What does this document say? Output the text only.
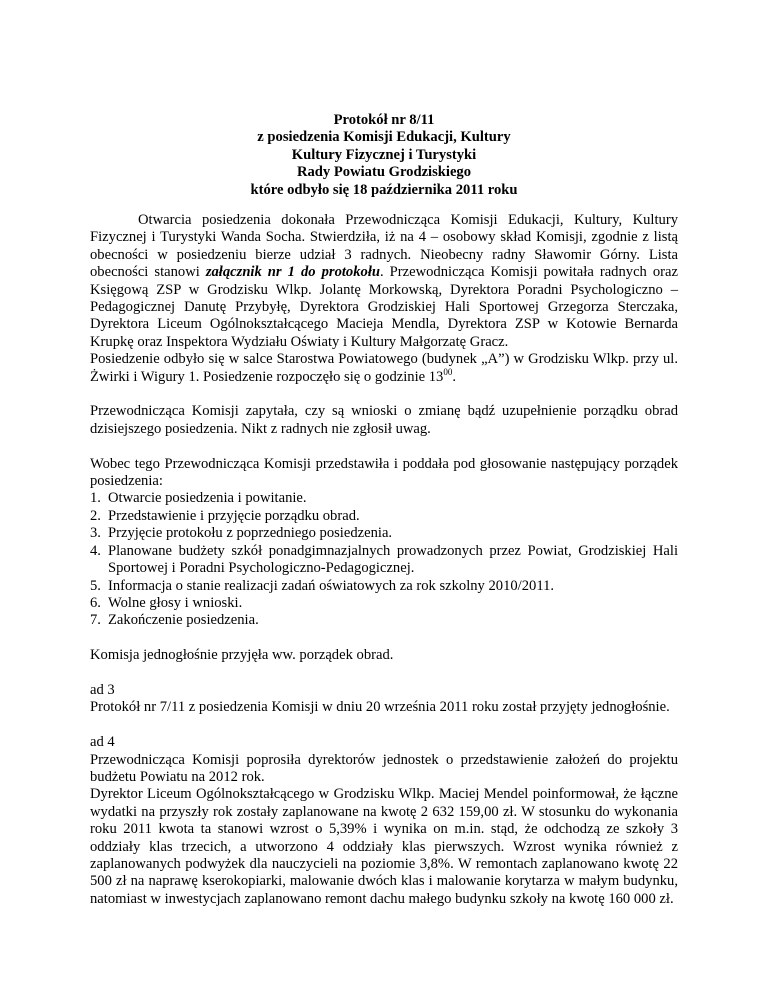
Protokół nr 8/11
z posiedzenia Komisji Edukacji, Kultury
Kultury Fizycznej i Turystyki
Rady Powiatu Grodziskiego
które odbyło się 18 października 2011 roku

Otwarcia posiedzenia dokonała Przewodnicząca Komisji Edukacji, Kultury, Kultury Fizycznej i Turystyki Wanda Socha. Stwierdziła, iż na 4 – osobowy skład Komisji, zgodnie z listą obecności w posiedzeniu bierze udział 3 radnych. Nieobecny radny Sławomir Górny. Lista obecności stanowi załącznik nr 1 do protokołu. Przewodnicząca Komisji powitała radnych oraz Księgową ZSP w Grodzisku Wlkp. Jolantę Morkowską, Dyrektora Poradni Psychologiczno – Pedagogicznej Danutę Przybyłę, Dyrektora Grodziskiej Hali Sportowej Grzegorza Sterczaka, Dyrektora Liceum Ogólnokształcącego Macieja Mendla, Dyrektora ZSP w Kotowie Bernarda Krupkę oraz Inspektora Wydziału Oświaty i Kultury Małgorzatę Gracz.

Posiedzenie odbyło się w salce Starostwa Powiatowego (budynek „A”) w Grodzisku Wlkp. przy ul. Żwirki i Wigury 1. Posiedzenie rozpoczęło się o godzinie $13^{00}$.

Przewodnicząca Komisji zapytała, czy są wnioski o zmianę bądź uzupełnienie porządku obrad dzisiejszego posiedzenia. Nikt z radnych nie zgłosił uwag.

Wobec tego Przewodnicząca Komisji przedstawiła i poddała pod głosowanie następujący porządek posiedzenia:

1. Otwarcie posiedzenia i powitanie.
2. Przedstawienie i przyjęcie porządku obrad.
3. Przyjęcie protokołu z poprzedniego posiedzenia.
4. Planowane budżety szkół ponadgimnazjalnych prowadzonych przez Powiat, Grodziskiej Hali Sportowej i Poradni Psychologiczno-Pedagogicznej.
5. Informacja o stanie realizacji zadań oświatowych za rok szkolny 2010/2011.
6. Wolne głosy i wnioski.
7. Zakończenie posiedzenia.

Komisja jednogłośnie przyjęła ww. porządek obrad.

ad 3

Protokół nr 7/11 z posiedzenia Komisji w dniu 20 września 2011 roku został przyjęty jednogłośnie.

ad 4

Przewodnicząca Komisji poprosiła dyrektorów jednostek o przedstawienie założeń do projektu budżetu Powiatu na 2012 rok.

Dyrektor Liceum Ogólnokształcącego w Grodzisku Wlkp. Maciej Mendel poinformował, że łączne wydatki na przyszły rok zostały zaplanowane na kwotę 2 632 159,00 zł. W stosunku do wykonania roku 2011 kwota ta stanowi wzrost o 5,39% i wynika on m.in. stąd, że odchodzą ze szkoły 3 oddziały klas trzecich, a utworzono 4 oddziały klas pierwszych. Wzrost wynika również z zaplanowanych podwyżek dla nauczycieli na poziomie 3,8%. W remontach zaplanowano kwotę 22 500 zł na naprawę kserokopiarki, malowanie dwóch klas i malowanie korytarza w małym budynku, natomiast w inwestycjach zaplanowano remont dachu małego budynku szkoły na kwotę 160 000 zł.
